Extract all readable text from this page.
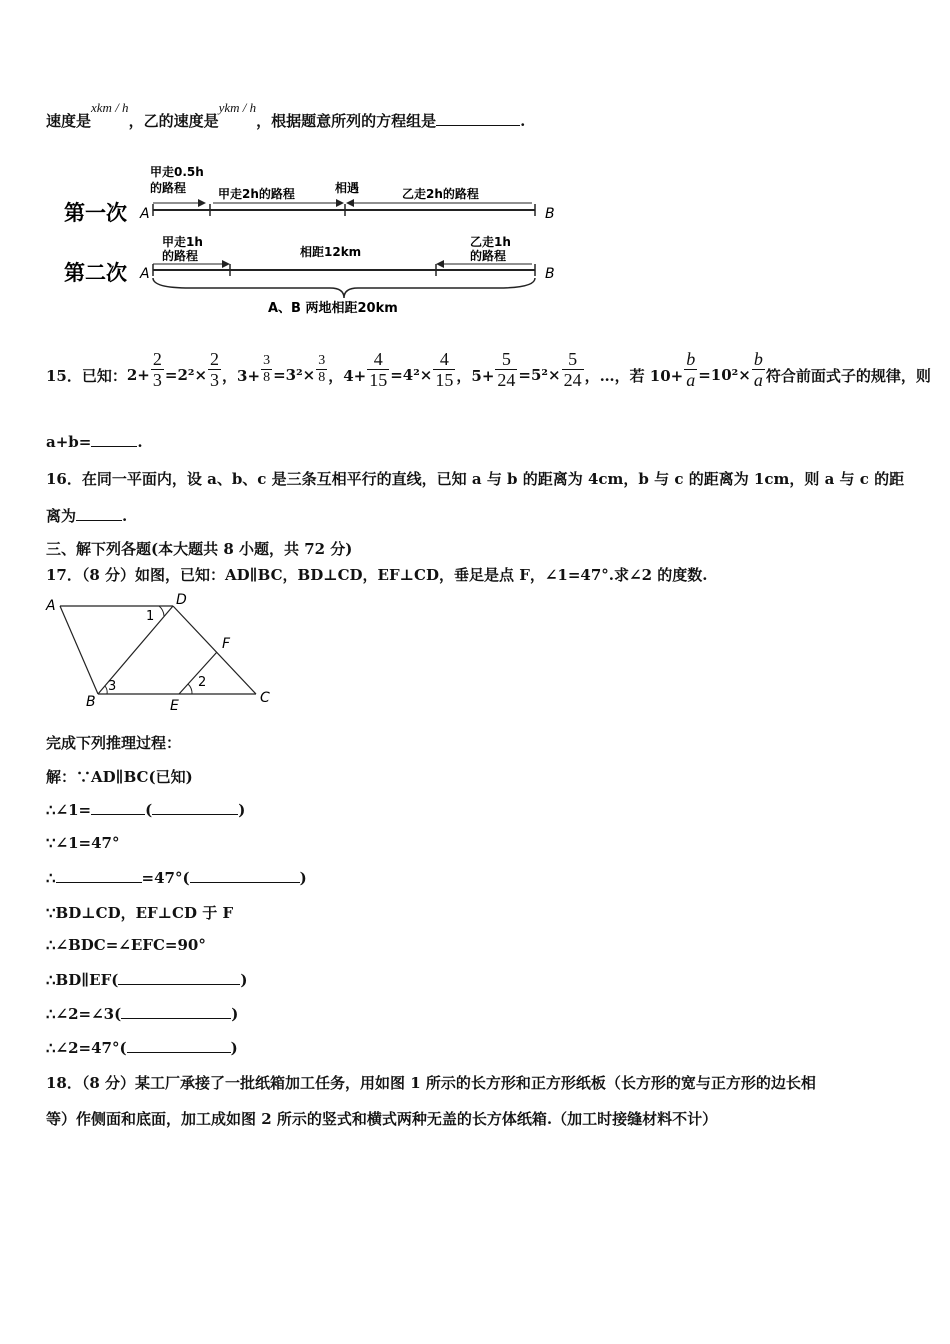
速度是xkm / h，乙的速度是ykm / h，根据题意所列的方程组是	.
第一次 A	B
甲走0.5h
的路程	甲走2h的路程	相遇	乙走2h的路程
第二次 A	B
甲走1h
的路程	相距12km
乙走1h
的路程
A、B 两地相距20km
15．已知： $2+ \frac{2}{3} =2^2\times \frac{2}{3}$ ，$3+ \frac{3}{8} =3^2\times \frac{3}{8}$ ，$4+ \frac{4}{15} =4^2\times \frac{4}{15}$ ，$5+ \frac{5}{24} =5^2\times \frac{5}{24}$ ，…，若 $10+ \frac{b}{a} =10^2\times \frac{b}{a}$ 符合前面式子的规律，则
a+b=	.
16．在同一平面内，设 a、b、c 是三条互相平行的直线，已知 a 与 b 的距离为 4cm，b 与 c 的距离为 1cm，则 a 与 c 的距
离为	.
三、解下列各题(本大题共 8 小题，共 72 分)
17．（8 分）如图，已知：AD∥BC，BD⊥CD，EF⊥CD，垂足是点 F，∠1=47°.求∠2 的度数.
A	D
F
B	E	C
1
3	2
完成下列推理过程：
解：∵AD∥BC(已知)
∴∠1=	(	)
∵∠1=47°
∴	=47°(	)
∵BD⊥CD，EF⊥CD 于 F
∴∠BDC=∠EFC=90°
∴BD∥EF(	)
∴∠2=∠3(	)
∴∠2=47°(	)
18．（8 分）某工厂承接了一批纸箱加工任务，用如图 1 所示的长方形和正方形纸板（长方形的宽与正方形的边长相
等）作侧面和底面，加工成如图 2 所示的竖式和横式两种无盖的长方体纸箱.（加工时接缝材料不计）
